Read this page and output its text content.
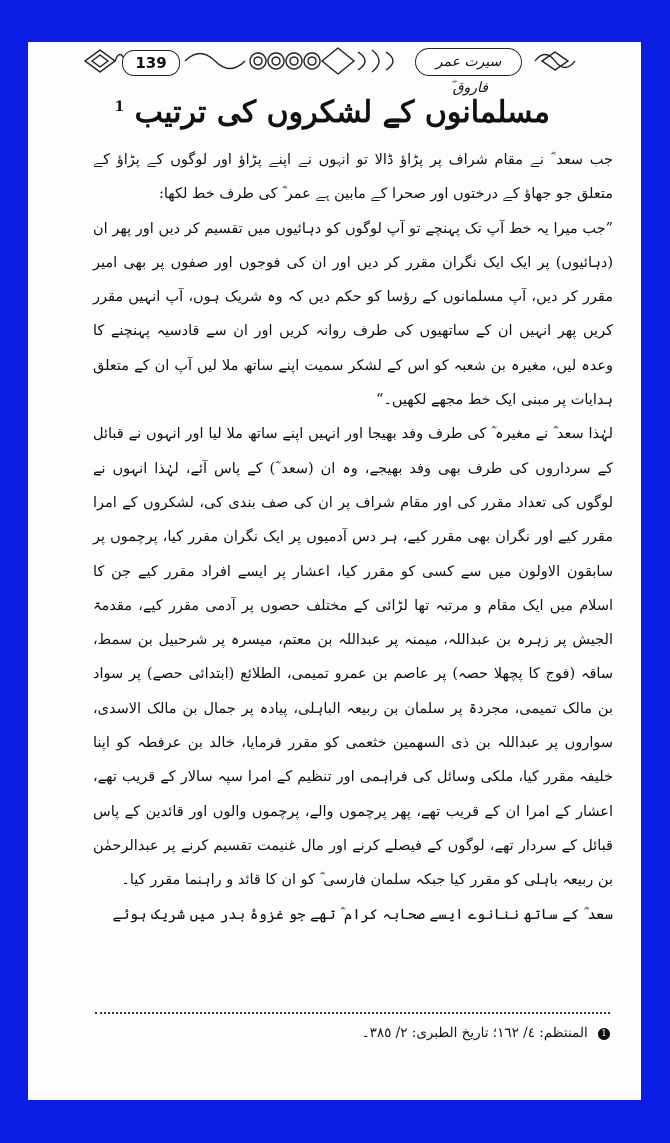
139	سیرت عمر فاروق ؓ
مسلمانوں کے لشکروں کی ترتیب $^1$

جب سعد ؓ نے مقام شراف پر پڑاؤ ڈالا تو انہوں نے اپنے پڑاؤ اور لوگوں کے پڑاؤ کے متعلق جو جھاؤ کے درختوں اور صحرا کے مابین ہے عمر ؓ کی طرف خط لکھا:

”جب میرا یہ خط آپ تک پہنچے تو آپ لوگوں کو دہائیوں میں تقسیم کر دیں اور پھر ان (دہائیوں) پر ایک ایک نگران مقرر کر دیں اور ان کی فوجوں اور صفوں پر بھی امیر مقرر کر دیں، آپ مسلمانوں کے رؤسا کو حکم دیں کہ وہ شریک ہوں، آپ انہیں مقرر کریں پھر انہیں ان کے ساتھیوں کی طرف روانہ کریں اور ان سے قادسیہ پہنچنے کا وعدہ لیں، مغیرہ بن شعبہ کو اس کے لشکر سمیت اپنے ساتھ ملا لیں آپ ان کے متعلق ہدایات پر مبنی ایک خط مجھے لکھیں۔“

لہٰذا سعد ؓ نے مغیرہ ؓ کی طرف وفد بھیجا اور انہیں اپنے ساتھ ملا لیا اور انہوں نے قبائل کے سرداروں کی طرف بھی وفد بھیجے، وہ ان (سعد ؓ) کے پاس آئے، لہٰذا انہوں نے لوگوں کی تعداد مقرر کی اور مقام شراف پر ان کی صف بندی کی، لشکروں کے امرا مقرر کیے اور نگران بھی مقرر کیے، ہر دس آدمیوں پر ایک نگران مقرر کیا، پرچموں پر سابقون الاولون میں سے کسی کو مقرر کیا، اعشار پر ایسے افراد مقرر کیے جن کا اسلام میں ایک مقام و مرتبہ تھا لڑائی کے مختلف حصوں پر آدمی مقرر کیے، مقدمۃ الجیش پر زہرہ بن عبداللہ، میمنہ پر عبداللہ بن معتم، میسرہ پر شرحبیل بن سمط، ساقہ (فوج کا پچھلا حصہ) پر عاصم بن عمرو تمیمی، الطلائع (ابتدائی حصے) پر سواد بن مالک تمیمی، مجردۃ پر سلمان بن ربیعہ الباہلی، پیادہ پر جمال بن مالک الاسدی، سواروں پر عبداللہ بن ذی السھمین خثعمی کو مقرر فرمایا، خالد بن عرفطہ کو اپنا خلیفہ مقرر کیا، ملکی وسائل کی فراہمی اور تنظیم کے امرا سپہ سالار کے قریب تھے، اعشار کے امرا ان کے قریب تھے، پھر پرچموں والے، پرچموں والوں اور قائدین کے پاس قبائل کے سردار تھے، لوگوں کے فیصلے کرنے اور مال غنیمت تقسیم کرنے پر عبدالرحمٰن بن ربیعہ باہلی کو مقرر کیا جبکہ سلمان فارسی ؓ کو ان کا قائد و راہنما مقرر کیا۔

سعد ؓ کے ساتھ ننانوے ایسے صحابہ کرام ؓ تھے جو غزوۂ بدر میں شریک ہوئے

1 المنتظم: ٤/ ١٦٢؛ تاریخ الطبری: ٢/ ٣٨٥۔
